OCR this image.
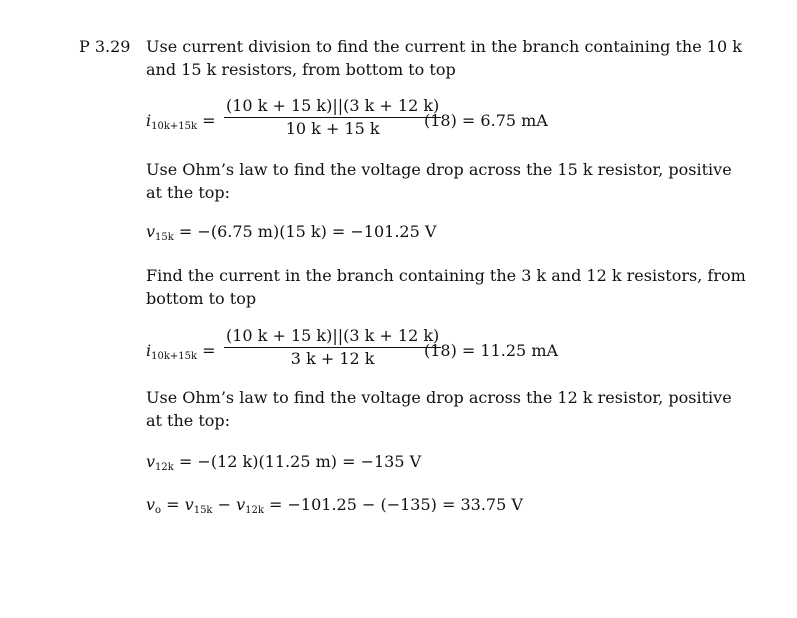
P 3.29 Use current division to find the current in the branch containing the 10 k and 15 k resistors, from bottom to top
$i_{10k+15k} = \frac{(10 k + 15 k)||(3 k + 12 k)}{10 k + 15 k}$
(18) = 6.75 mA
Use Ohm’s law to find the voltage drop across the 15 k resistor, positive at the top:
$v_{15k} = -(6.75$ m)(15 k) = −101.25 V
Find the current in the branch containing the 3 k and 12 k resistors, from bottom to top
$i_{10k+15k} = \frac{(10 k + 15 k)||(3 k + 12 k)}{3 k + 12 k}$
(18) = 11.25 mA
Use Ohm’s law to find the voltage drop across the 12 k resistor, positive at the top:
$v_{12k} = -(12$ k)(11.25 m) = −135 V
$v_o = v_{15k} - v_{12k} = -101.25 - (-135) = 33.75$ V
